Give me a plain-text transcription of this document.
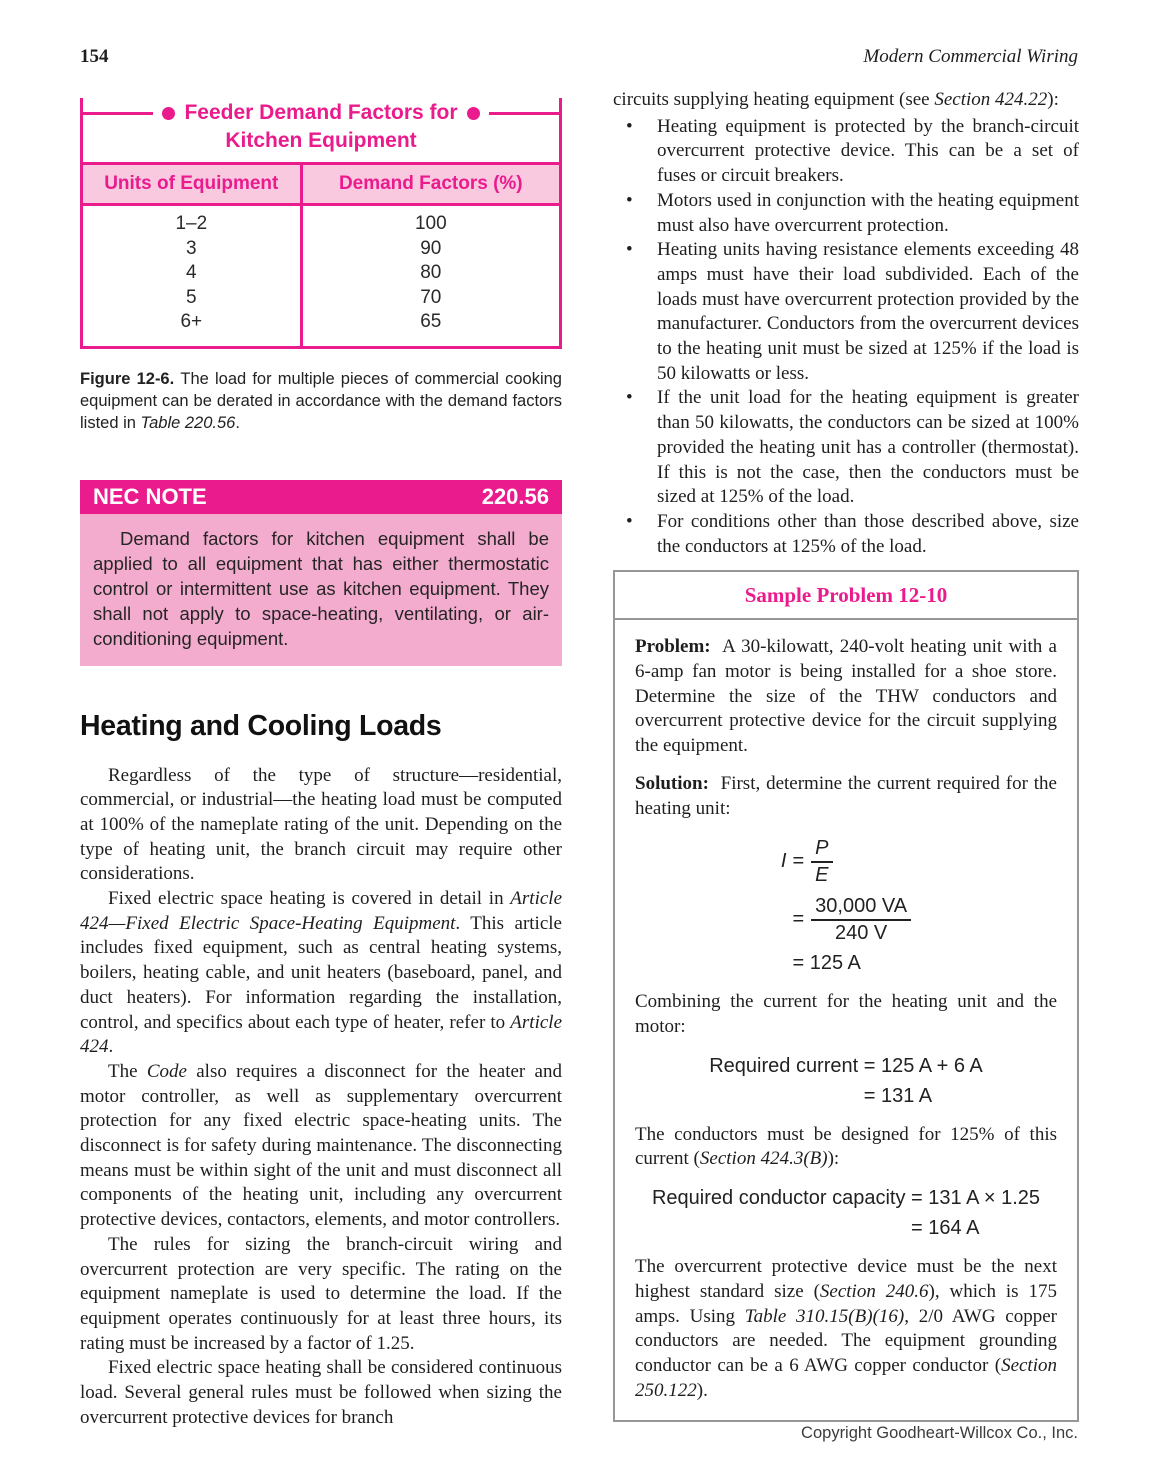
154	Modern Commercial Wiring
Feeder Demand Factors for
Kitchen Equipment
Units of Equipment	Demand Factors (%)
1–2	100
3	90
4	80
5	70
6+	65

Figure 12-6. The load for multiple pieces of commercial cooking equipment can be derated in accordance with the demand factors listed in Table 220.56.

NEC NOTE	220.56

Demand factors for kitchen equipment shall be applied to all equipment that has either thermostatic control or intermittent use as kitchen equipment. They shall not apply to space-heating, ventilating, or air-conditioning equipment.

Heating and Cooling Loads

Regardless of the type of structure—residential, commercial, or industrial—the heating load must be computed at 100% of the nameplate rating of the unit. Depending on the type of heating unit, the branch circuit may require other considerations.

Fixed electric space heating is covered in detail in Article 424—Fixed Electric Space-Heating Equipment. This article includes fixed equipment, such as central heating systems, boilers, heating cable, and unit heaters (baseboard, panel, and duct heaters). For information regarding the installation, control, and specifics about each type of heater, refer to Article 424.

The Code also requires a disconnect for the heater and motor controller, as well as supplementary overcurrent protection for any fixed electric space-heating units. The disconnect is for safety during maintenance. The disconnecting means must be within sight of the unit and must disconnect all components of the heating unit, including any overcurrent protective devices, contactors, elements, and motor controllers.

The rules for sizing the branch-circuit wiring and overcurrent protection are very specific. The rating on the equipment nameplate is used to determine the load. If the equipment operates continuously for at least three hours, its rating must be increased by a factor of 1.25.

Fixed electric space heating shall be considered continuous load. Several general rules must be followed when sizing the overcurrent protective devices for branch

circuits supplying heating equipment (see Section 424.22):

•	Heating equipment is protected by the branch-circuit overcurrent protective device. This can be a set of fuses or circuit breakers.
•	Motors used in conjunction with the heating equipment must also have overcurrent protection.
•	Heating units having resistance elements exceeding 48 amps must have their load subdivided. Each of the loads must have overcurrent protection provided by the manufacturer. Conductors from the overcurrent devices to the heating unit must be sized at 125% if the load is 50 kilowatts or less.
•	If the unit load for the heating equipment is greater than 50 kilowatts, the conductors can be sized at 100% provided the heating unit has a controller (thermostat). If this is not the case, then the conductors must be sized at 125% of the load.
•	For conditions other than those described above, size the conductors at 125% of the load.
Sample Problem 12-10

Problem:  A 30-kilowatt, 240-volt heating unit with a 6-amp fan motor is being installed for a shoe store. Determine the size of the THW conductors and overcurrent protective device for the circuit supplying the equipment.

Solution:  First, determine the current required for the heating unit:

$I = \frac{P}{E}$
= $\frac{30,000 VA}{240 V}$
= 125 A

Combining the current for the heating unit and the motor:

Required current = 125 A + 6 A
= 131 A

The conductors must be designed for 125% of this current (Section 424.3(B)):

Required conductor capacity = 131 A × 1.25
= 164 A

The overcurrent protective device must be the next highest standard size (Section 240.6), which is 175 amps. Using Table 310.15(B)(16), 2/0 AWG copper conductors are needed. The equipment grounding conductor can be a 6 AWG copper conductor (Section 250.122).

Copyright Goodheart-Willcox Co., Inc.
